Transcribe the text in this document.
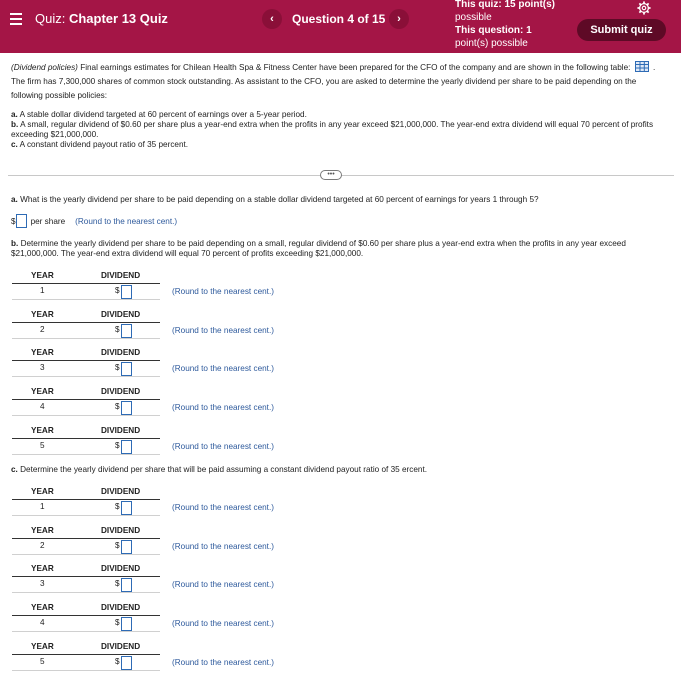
Quiz: Chapter 13 Quiz	‹	Question 4 of 15	›
This quiz: 15 point(s)
possible
This question: 1
point(s) possible
Submit quiz
(Dividend policies) Final earnings estimates for Chilean Health Spa & Fitness Center have been prepared for the CFO of the company and are shown in the following table:	. The firm has 7,300,000 shares of common stock outstanding. As assistant to the CFO, you are asked to determine the yearly dividend per share to be paid depending on the following possible policies:
a. A stable dollar dividend targeted at 60 percent of earnings over a 5-year period.
b. A small, regular dividend of $0.60 per share plus a year-end extra when the profits in any year exceed $21,000,000. The year-end extra dividend will equal 70 percent of profits exceeding $21,000,000.
c. A constant dividend payout ratio of 35 percent.
•••
a. What is the yearly dividend per share to be paid depending on a stable dollar dividend targeted at 60 percent of earnings for years 1 through 5?
$ per share (Round to the nearest cent.)
b. Determine the yearly dividend per share to be paid depending on a small, regular dividend of $0.60 per share plus a year-end extra when the profits in any year exceed $21,000,000. The year-end extra dividend will equal 70 percent of profits exceeding $21,000,000.
YEAR	DIVIDEND
1	$	(Round to the nearest cent.)
YEAR	DIVIDEND
2	$	(Round to the nearest cent.)
YEAR	DIVIDEND
3	$	(Round to the nearest cent.)
YEAR	DIVIDEND
4	$	(Round to the nearest cent.)
YEAR	DIVIDEND
5	$	(Round to the nearest cent.)
c. Determine the yearly dividend per share that will be paid assuming a constant dividend payout ratio of 35 ercent.
YEAR	DIVIDEND
1	$	(Round to the nearest cent.)
YEAR	DIVIDEND
2	$	(Round to the nearest cent.)
YEAR	DIVIDEND
3	$	(Round to the nearest cent.)
YEAR	DIVIDEND
4	$	(Round to the nearest cent.)
YEAR	DIVIDEND
5	$	(Round to the nearest cent.)
